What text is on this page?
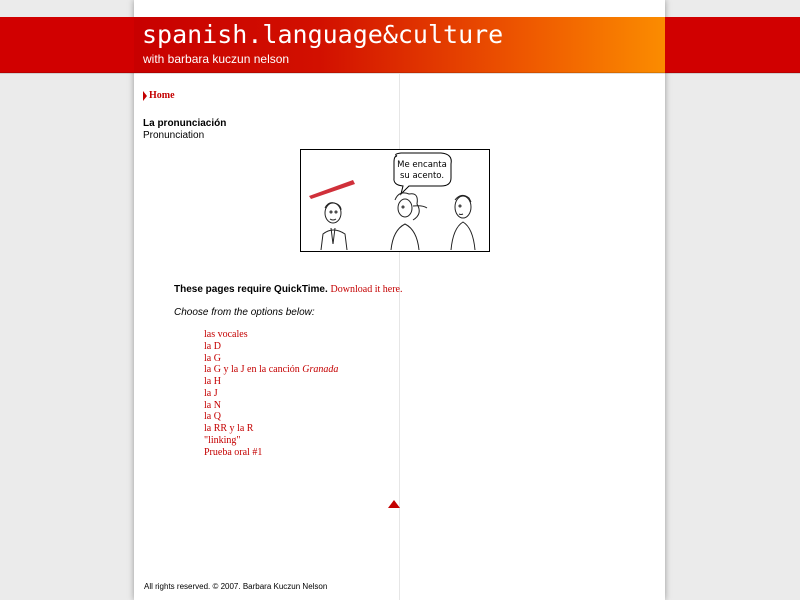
spanish.language&culture
with barbara kuczun nelson
Home
La pronunciación
Pronunciation
Me encanta
su acento.
These pages require QuickTime. Download it here.
Choose from the options below:
las vocales
la D
la G
la G y la J en la canción Granada
la H
la J
la N
la Q
la RR y la R
"linking"
Prueba oral #1
All rights reserved. © 2007. Barbara Kuczun Nelson
